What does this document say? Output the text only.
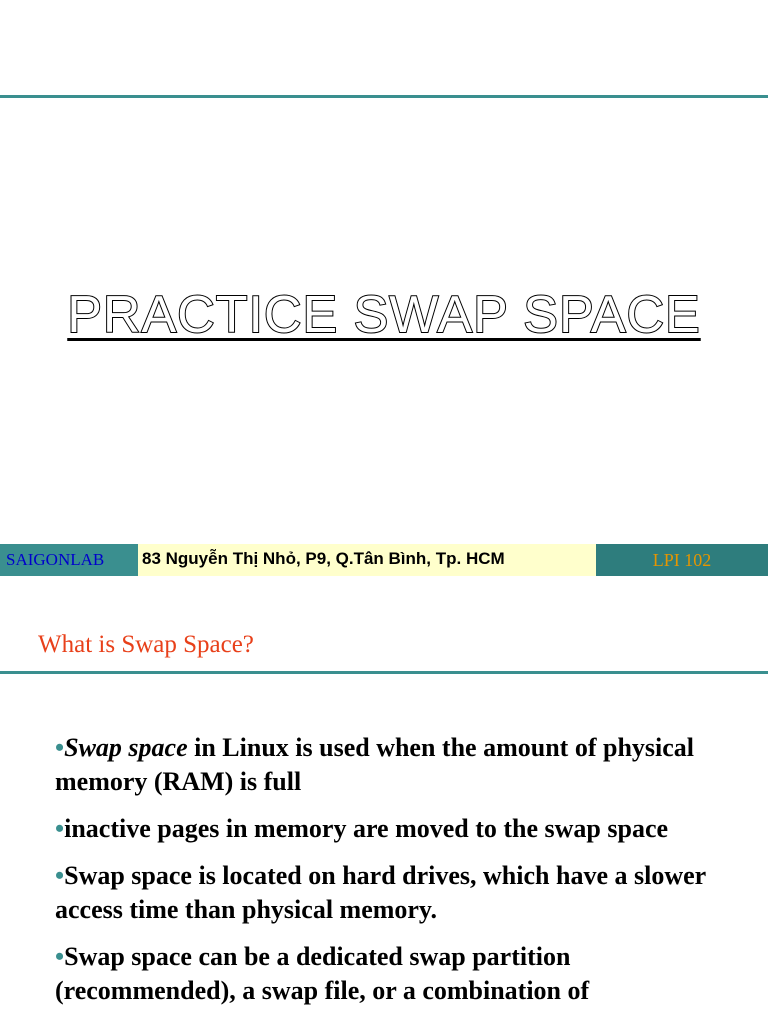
PRACTICE SWAP SPACE
SAIGONLAB	83 Nguyễn Thị Nhỏ, P9, Q.Tân Bình, Tp. HCM	LPI 102
What is Swap Space?
•Swap space in Linux is used when the amount of physical memory (RAM) is full
•inactive pages in memory are moved to the swap space
•Swap space is located on hard drives, which have a slower access time than physical memory.
•Swap space can be a dedicated swap partition (recommended), a swap file, or a combination of
